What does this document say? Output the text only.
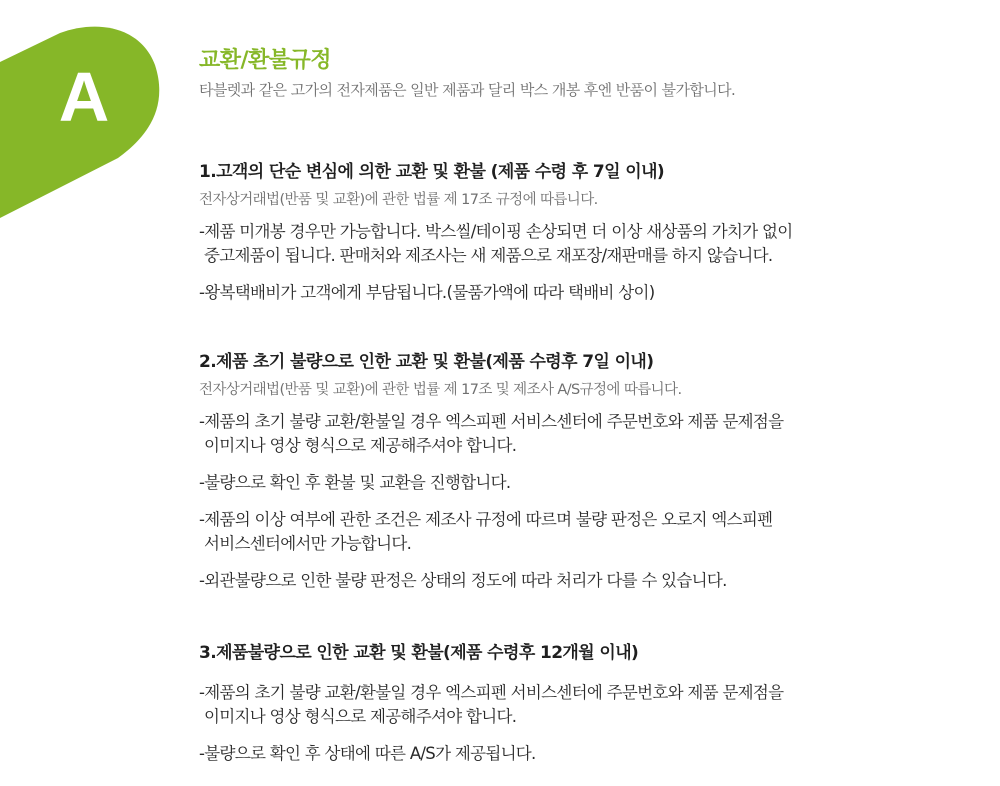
A	교환/환불규정
타블렛과 같은 고가의 전자제품은 일반 제품과 달리 박스 개봉 후엔 반품이 불가합니다.
1.고객의 단순 변심에 의한 교환 및 환불 (제품 수령 후 7일 이내)
전자상거래법(반품 및 교환)에 관한 법률 제 17조 규정에 따릅니다.
-제품 미개봉 경우만 가능합니다. 박스씰/테이핑 손상되면 더 이상 새상품의 가치가 없이
중고제품이 됩니다. 판매처와 제조사는 새 제품으로 재포장/재판매를 하지 않습니다.
-왕복택배비가 고객에게 부담됩니다.(물품가액에 따라 택배비 상이)
2.제품 초기 불량으로 인한 교환 및 환불(제품 수령후 7일 이내)
전자상거래법(반품 및 교환)에 관한 법률 제 17조 및 제조사 A/S규정에 따릅니다.
-제품의 초기 불량 교환/환불일 경우 엑스피펜 서비스센터에 주문번호와 제품 문제점을
이미지나 영상 형식으로 제공해주셔야 합니다.
-불량으로 확인 후 환불 및 교환을 진행합니다.
-제품의 이상 여부에 관한 조건은 제조사 규정에 따르며 불량 판정은 오로지 엑스피펜
서비스센터에서만 가능합니다.
-외관불량으로 인한 불량 판정은 상태의 정도에 따라 처리가 다를 수 있습니다.
3.제품불량으로 인한 교환 및 환불(제품 수령후 12개월 이내)
-제품의 초기 불량 교환/환불일 경우 엑스피펜 서비스센터에 주문번호와 제품 문제점을
이미지나 영상 형식으로 제공해주셔야 합니다.
-불량으로 확인 후 상태에 따른 A/S가 제공됩니다.
